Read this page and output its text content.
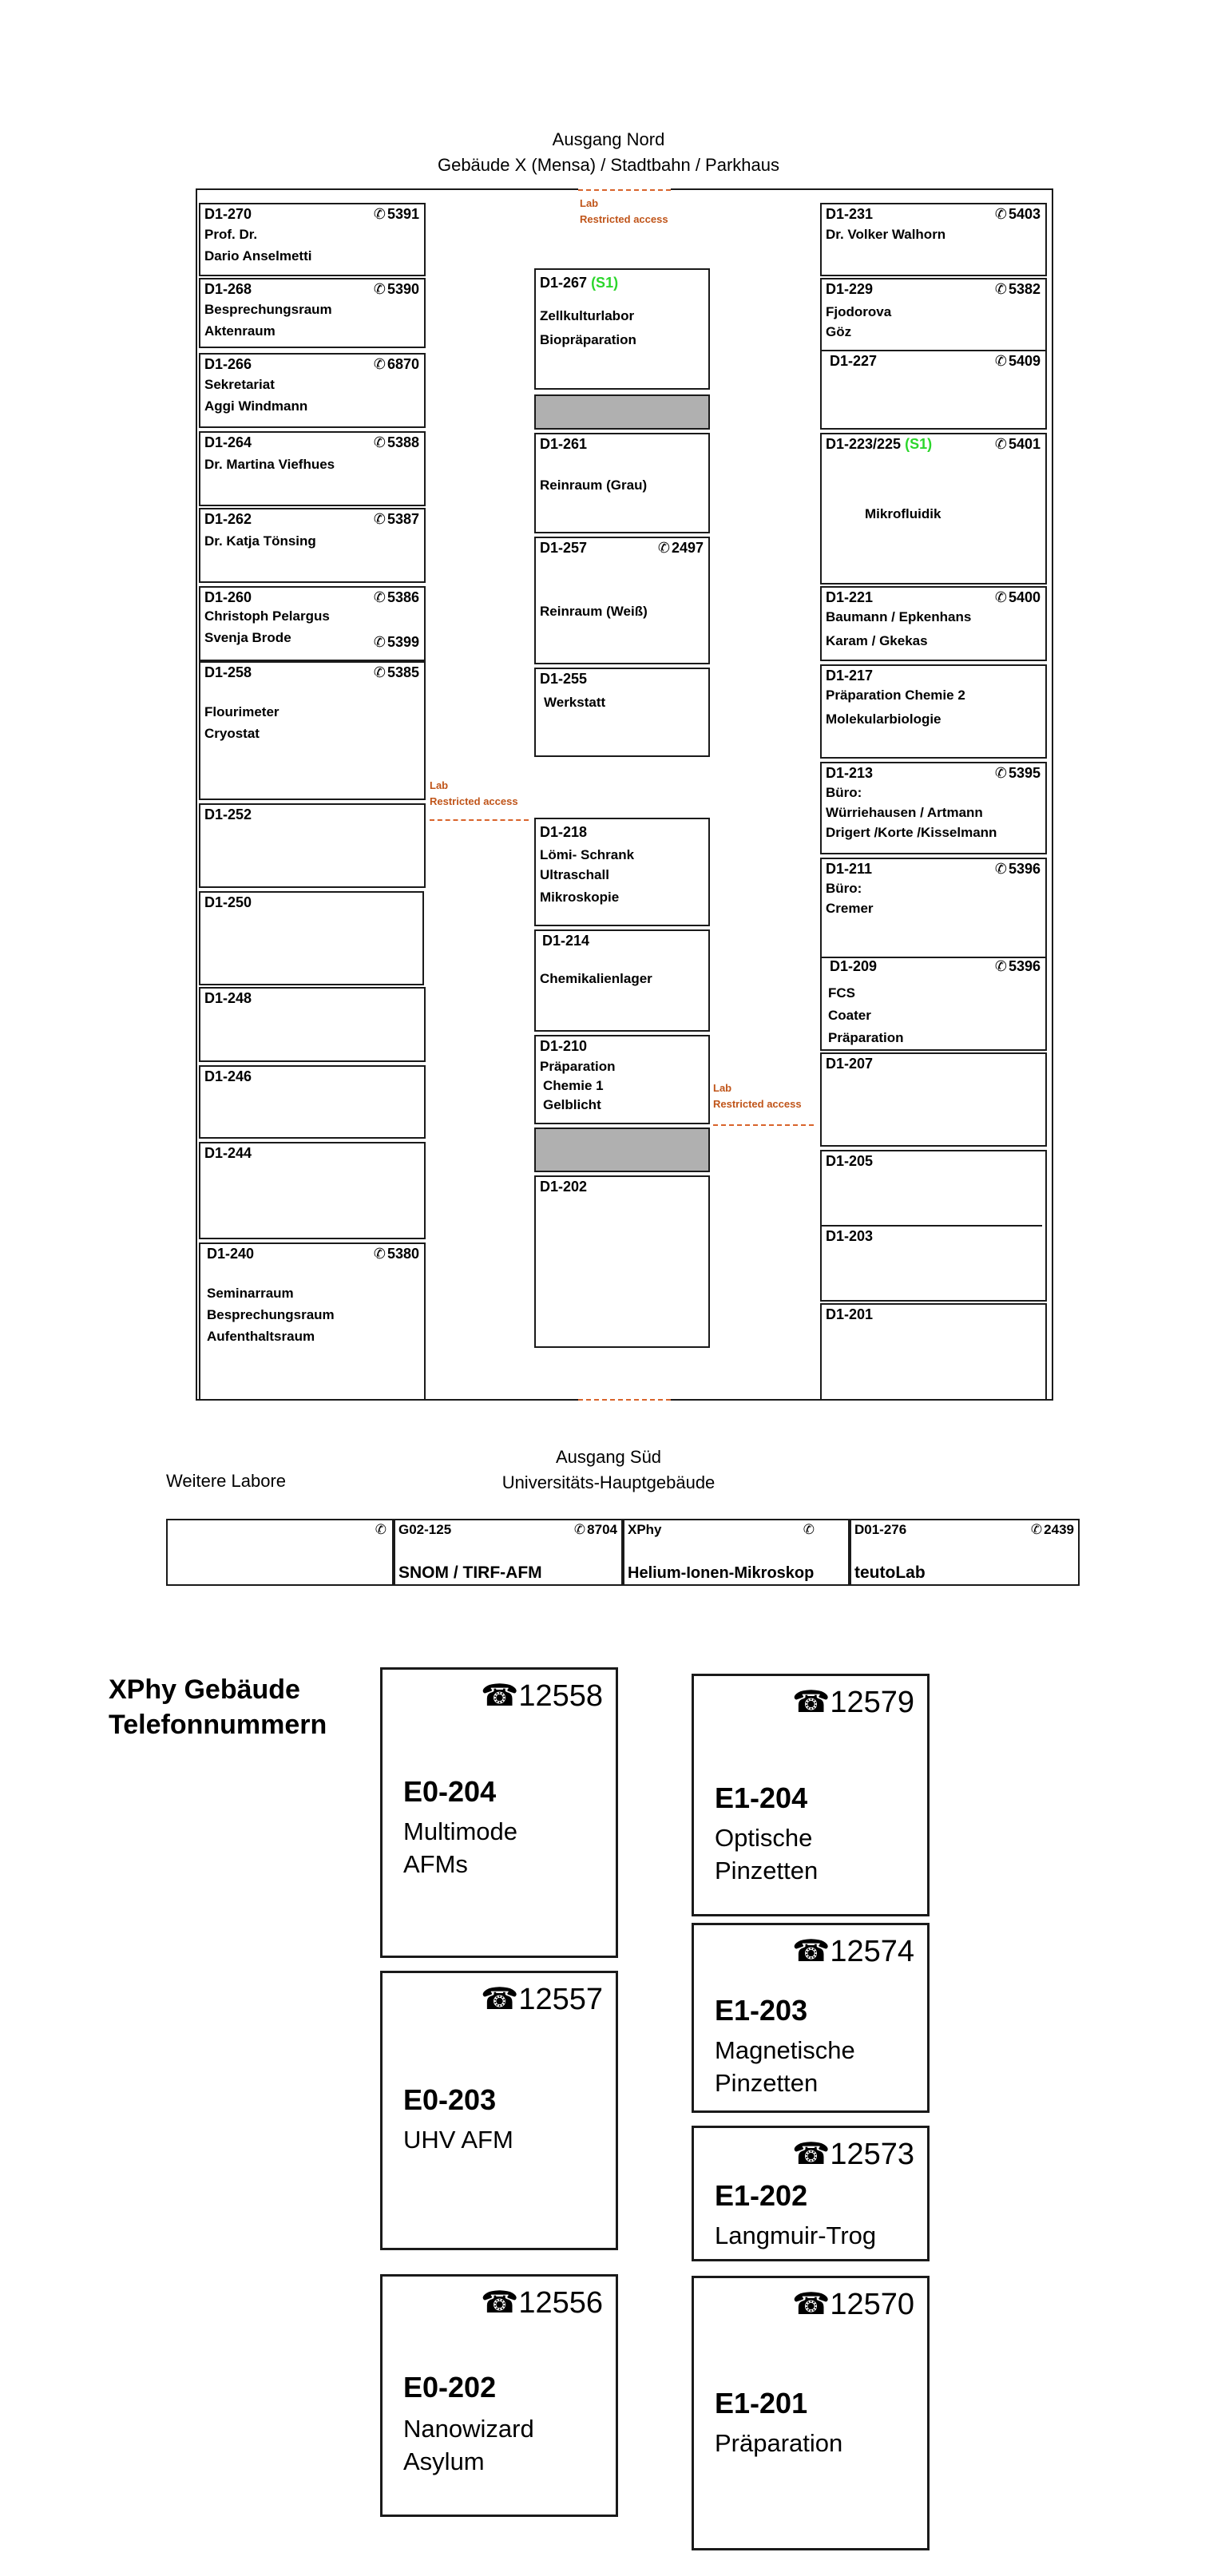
Ausgang Nord
Gebäude X (Mensa) / Stadtbahn / Parkhaus
Lab
Restricted access
Lab
Restricted access
Lab
Restricted access
D1-270	✆ 5391
Prof. Dr.
Dario Anselmetti
D1-268	✆ 5390
Besprechungsraum
Aktenraum
D1-266	✆ 6870
Sekretariat
Aggi Windmann
D1-264	✆ 5388
Dr. Martina Viefhues
D1-262	✆ 5387
Dr. Katja Tönsing
D1-260	✆ 5386
Christoph Pelargus
Svenja Brode	✆ 5399
D1-258	✆ 5385
Flourimeter
Cryostat
D1-252
D1-250
D1-248
D1-246
D1-244
D1-240	✆ 5380
Seminarraum
Besprechungsraum
Aufenthaltsraum
D1-267 (S1)
Zellkulturlabor
Biopräparation
D1-261
Reinraum (Grau)
D1-257	✆ 2497
Reinraum (Weiß)
D1-255
Werkstatt
D1-218
Lömi- Schrank
Ultraschall
Mikroskopie
D1-214
Chemikalienlager
D1-210
Präparation
Chemie 1
Gelblicht
D1-202
D1-231	✆ 5403
Dr. Volker Walhorn
D1-229	✆ 5382
Fjodorova
Göz
D1-227	✆ 5409
D1-223/225 (S1)	✆ 5401
Mikrofluidik
D1-221	✆ 5400
Baumann / Epkenhans
Karam / Gkekas
D1-217
Präparation Chemie 2
Molekularbiologie
D1-213	✆ 5395
Büro:
Würriehausen / Artmann
Drigert /Korte /Kisselmann
D1-211	✆ 5396
Büro:
Cremer
D1-209	✆ 5396
FCS
Coater
Präparation
D1-207
D1-205
D1-203
D1-201
Ausgang Süd
Universitäts-Hauptgebäude
Weitere Labore
✆ G02-125	✆ 8704
SNOM / TIRF-AFM
XPhy	✆
Helium-Ionen-Mikroskop
D01-276	✆ 2439
teutoLab
XPhy Gebäude
Telefonnummern
☎12558
E0-204
Multimode
AFMs
☎12557
E0-203
UHV AFM
☎12556
E0-202
Nanowizard
Asylum
☎12579
E1-204
Optische
Pinzetten
☎12574
E1-203
Magnetische
Pinzetten
☎12573
E1-202
Langmuir-Trog
☎12570
E1-201
Präparation
